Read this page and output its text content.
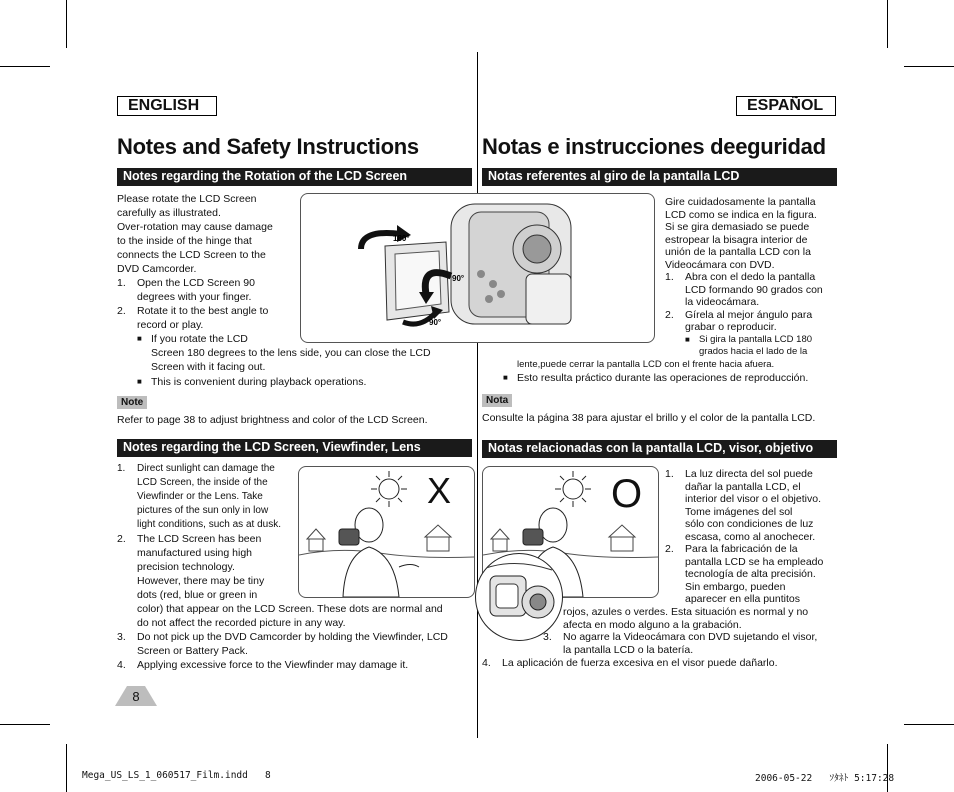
ENGLISH	ESPAÑOL
Notes and Safety Instructions	Notas e instrucciones deeguridad
Notes regarding the Rotation of the LCD Screen	Notas referentes al giro de la pantalla LCD
Notes regarding the LCD Screen, Viewfinder, Lens	Notas relacionadas con la pantalla LCD, visor, objetivo

Please rotate the LCD Screen

carefully as illustrated.

Over-rotation may cause damage

to the inside of the hinge that

connects the LCD Screen to the

DVD Camcorder.

1.	Open the LCD Screen 90

degrees with your finger.

2.	Rotate it to the best angle to

record or play.

■ If you rotate the LCD

Screen 180 degrees to the lens side, you can close the LCD

Screen with it facing out.

■ This is convenient during playback operations.

Note
Refer to page 38 to adjust brightness and color of the LCD Screen.
180°
90°
90°

Gire cuidadosamente la pantalla

LCD como se indica en la figura.

Si se gira demasiado se puede

estropear la bisagra interior de

unión de la pantalla LCD con la

Videocámara con DVD.

1.	Abra con el dedo la pantalla

LCD formando 90 grados con

la videocámara.

2.	Gírela al mejor ángulo para

grabar o reproducir.

■ Si gira la pantalla LCD 180

grados hacia el lado de la

lente,puede cerrar la pantalla LCD con el frente hacia afuera.

■ Esto resulta práctico durante las operaciones de reproducción.

Nota
Consulte la página 38 para ajustar el brillo y el color de la pantalla LCD.
X
1.	Direct sunlight can damage the

LCD Screen, the inside of the

Viewfinder or the Lens. Take

pictures of the sun only in low

light conditions, such as at dusk.

2.	The LCD Screen has been

manufactured using high

precision technology.

However, there may be tiny

dots (red, blue or green in

color) that appear on the LCD Screen. These dots are normal and

do not affect the recorded picture in any way.

3.	Do not pick up the DVD Camcorder by holding the Viewfinder, LCD

Screen or Battery Pack.

4.	Applying excessive force to the Viewfinder may damage it.

O 1.	La luz directa del sol puede

dañar la pantalla LCD, el

interior del visor o el objetivo.

Tome imágenes del sol

sólo con condiciones de luz

escasa, como al anochecer.

2.	Para la fabricación de la

pantalla LCD se ha empleado

tecnología de alta precisión.

Sin embargo, pueden

aparecer en ella puntitos

rojos, azules o verdes. Esta situación es normal y no

afecta en modo alguno a la grabación.

3.	No agarre la Videocámara con DVD sujetando el visor,

la pantalla LCD o la batería.

4.	La aplicación de fuerza excesiva en el visor puede dañarlo.

8
Mega_US_LS_1_060517_Film.indd   8	2006-05-22   ｿﾀﾈﾄ 5:17:28
